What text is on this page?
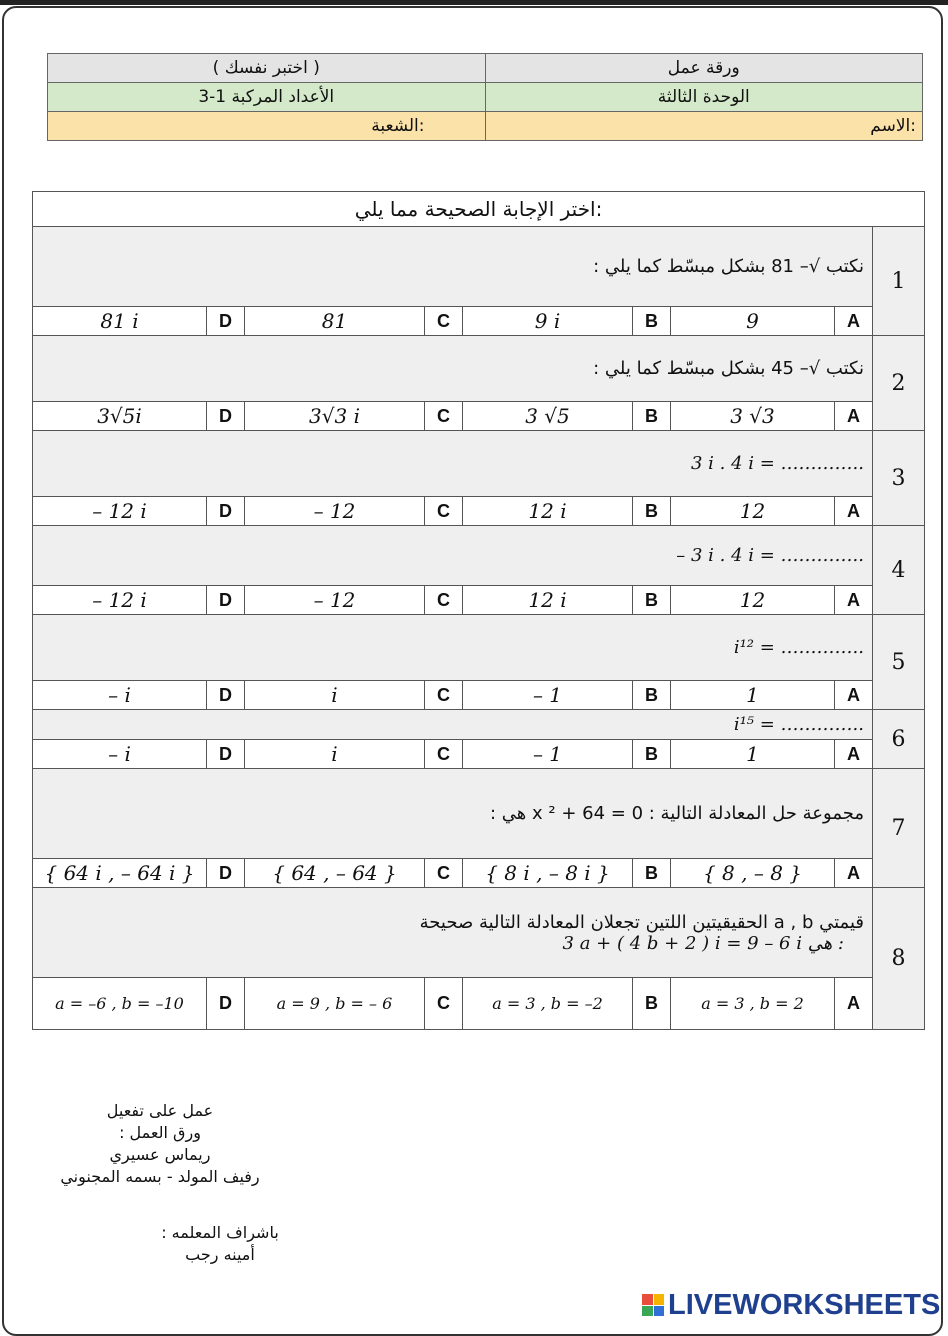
( اختبر نفسك )	ورقة عمل
3-1 الأعداد المركبة	الوحدة الثالثة
الشعبة:	الاسم:
اختر الإجابة الصحيحة مما يلي:								
نكتب √– 81 بشكل مبسّط كما يلي :								1
81 i	D	81	C	9 i	B	9	A	
نكتب √– 45 بشكل مبسّط كما يلي :								2
3√5i	D	3√3 i	C	3 √5	B	3 √3	A	
3 i . 4 i = …………..								3
– 12 i	D	– 12	C	12 i	B	12	A	
– 3 i . 4 i = …………..								4
– 12 i	D	– 12	C	12 i	B	12	A	
i¹² = …………..								5
– i	D	i	C	– 1	B	1	A	
i¹⁵ = …………..								6
– i	D	i	C	– 1	B	1	A	
مجموعة حل المعادلة التالية : x ² + 64 = 0 هي :								7
{ 64 i , – 64 i }	D	{ 64 , – 64 }	C	{ 8 i , – 8 i }	B	{ 8 , – 8 }	A	

قيمتي a , b الحقيقيتين اللتين تجعلان المعادلة التالية صحيحة
3 a + ( 4 b + 2 ) i = 9 – 6 i هي :								8
a = –6 , b = –10	D	a = 9 , b = – 6	C	a = 3 , b = –2	B	a = 3 , b = 2	A	
عمل على تفعيل
ورق العمل :
ريماس عسيري
رفيف المولد - بسمه المجنوني
باشراف المعلمه :
أمينه رجب
LIVEWORKSHEETS
